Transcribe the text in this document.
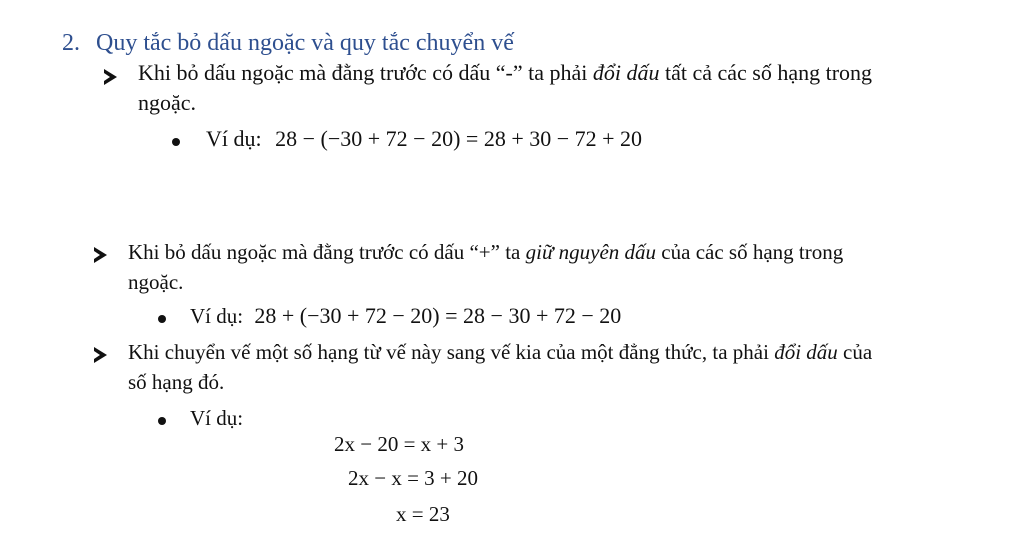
2. Quy tắc bỏ dấu ngoặc và quy tắc chuyển vế
Khi bỏ dấu ngoặc mà đằng trước có dấu “-” ta phải đổi dấu tất cả các số hạng trong
ngoặc.
Ví dụ: 28 − (−30 + 72 − 20) = 28 + 30 − 72 + 20
Khi bỏ dấu ngoặc mà đằng trước có dấu “+” ta giữ nguyên dấu của các số hạng trong
ngoặc.
Ví dụ: 28 + (−30 + 72 − 20) = 28 − 30 + 72 − 20
Khi chuyển vế một số hạng từ vế này sang vế kia của một đẳng thức, ta phải đổi dấu của
số hạng đó.
Ví dụ:
2x − 20 = x + 3
2x − x = 3 + 20
x = 23
